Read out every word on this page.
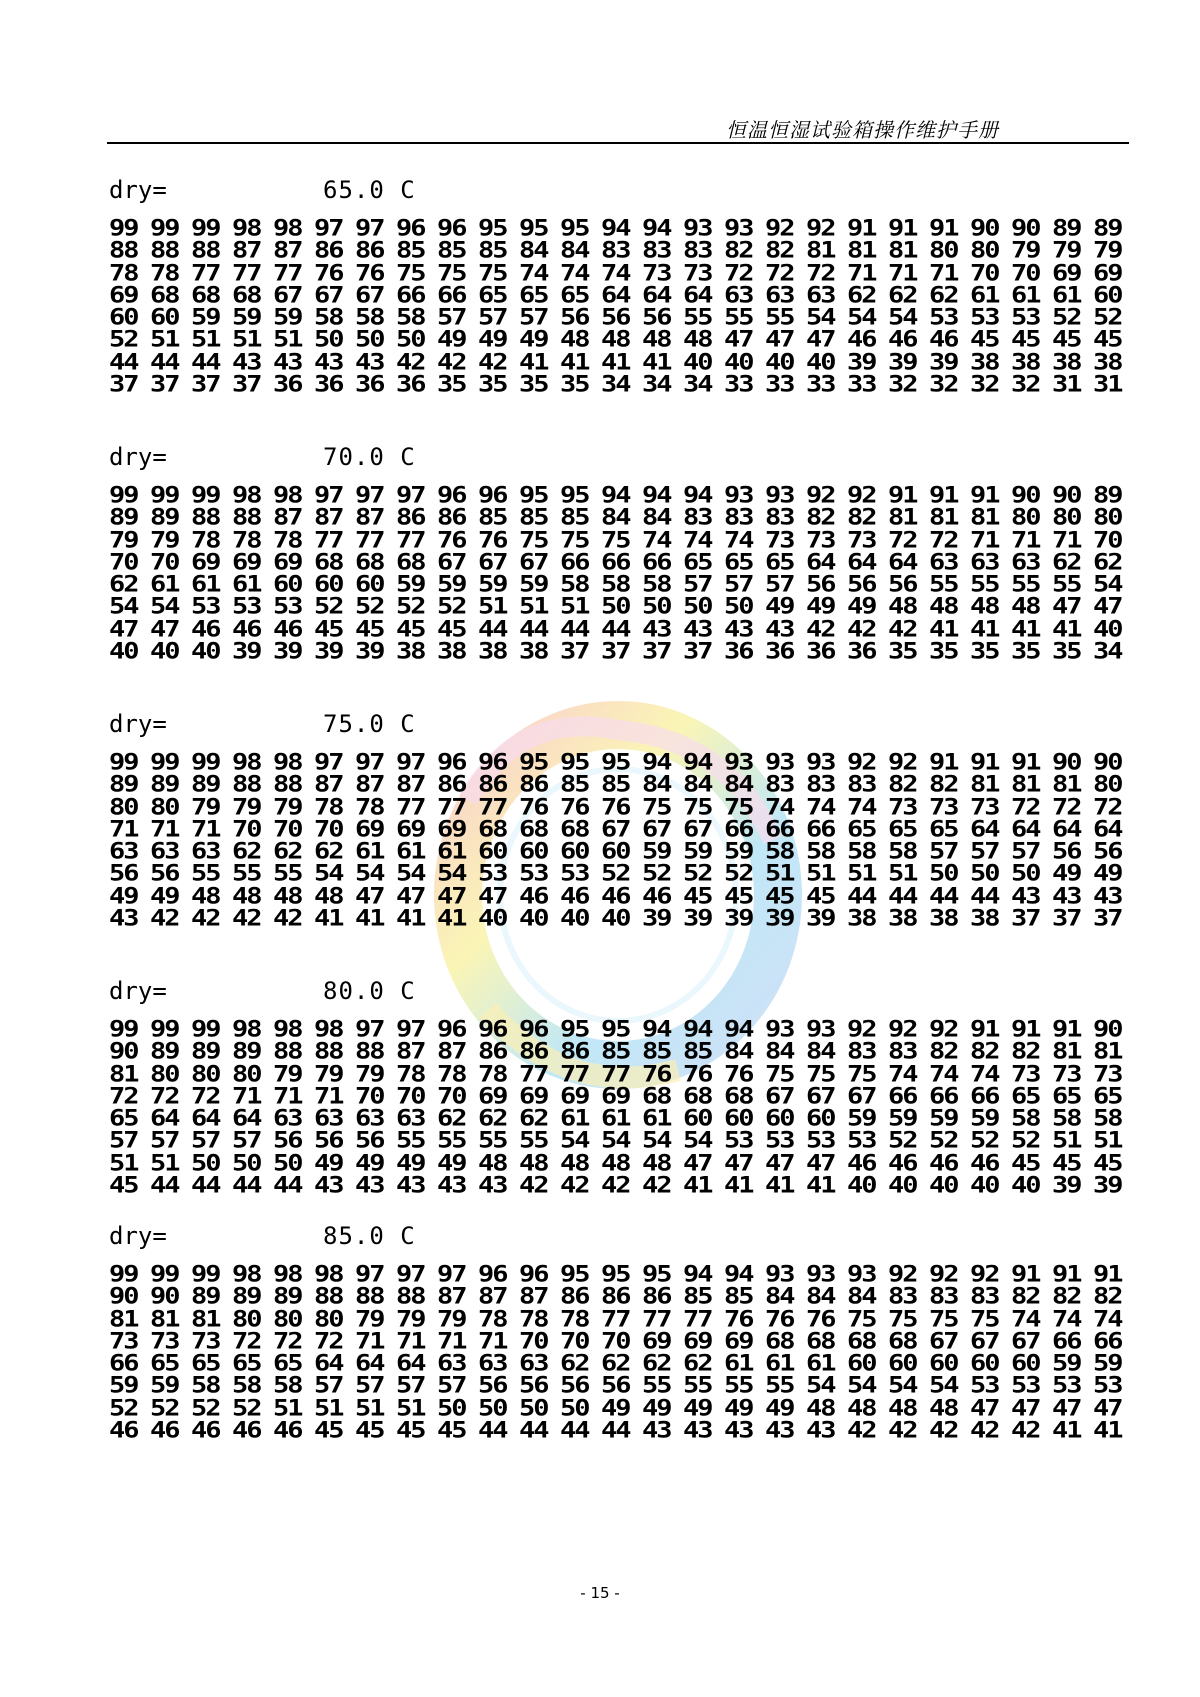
恒温恒湿试验箱操作维护手册
dry=	65.0 C
99 99 99 98 98 97 97 96 96 95 95 95 94 94 93 93 92 92 91 91 91 90 90 89 89
88 88 88 87 87 86 86 85 85 85 84 84 83 83 83 82 82 81 81 81 80 80 79 79 79
78 78 77 77 77 76 76 75 75 75 74 74 74 73 73 72 72 72 71 71 71 70 70 69 69
69 68 68 68 67 67 67 66 66 65 65 65 64 64 64 63 63 63 62 62 62 61 61 61 60
60 60 59 59 59 58 58 58 57 57 57 56 56 56 55 55 55 54 54 54 53 53 53 52 52
52 51 51 51 51 50 50 50 49 49 49 48 48 48 48 47 47 47 46 46 46 45 45 45 45
44 44 44 43 43 43 43 42 42 42 41 41 41 41 40 40 40 40 39 39 39 38 38 38 38
37 37 37 37 36 36 36 36 35 35 35 35 34 34 34 33 33 33 33 32 32 32 32 31 31
dry=	70.0 C
99 99 99 98 98 97 97 97 96 96 95 95 94 94 94 93 93 92 92 91 91 91 90 90 89
89 89 88 88 87 87 87 86 86 85 85 85 84 84 83 83 83 82 82 81 81 81 80 80 80
79 79 78 78 78 77 77 77 76 76 75 75 75 74 74 74 73 73 73 72 72 71 71 71 70
70 70 69 69 69 68 68 68 67 67 67 66 66 66 65 65 65 64 64 64 63 63 63 62 62
62 61 61 61 60 60 60 59 59 59 59 58 58 58 57 57 57 56 56 56 55 55 55 55 54
54 54 53 53 53 52 52 52 52 51 51 51 50 50 50 50 49 49 49 48 48 48 48 47 47
47 47 46 46 46 45 45 45 45 44 44 44 44 43 43 43 43 42 42 42 41 41 41 41 40
40 40 40 39 39 39 39 38 38 38 38 37 37 37 37 36 36 36 36 35 35 35 35 35 34
dry=	75.0 C
99 99 99 98 98 97 97 97 96 96 95 95 95 94 94 93 93 93 92 92 91 91 91 90 90
89 89 89 88 88 87 87 87 86 86 86 85 85 84 84 84 83 83 83 82 82 81 81 81 80
80 80 79 79 79 78 78 77 77 77 76 76 76 75 75 75 74 74 74 73 73 73 72 72 72
71 71 71 70 70 70 69 69 69 68 68 68 67 67 67 66 66 66 65 65 65 64 64 64 64
63 63 63 62 62 62 61 61 61 60 60 60 60 59 59 59 58 58 58 58 57 57 57 56 56
56 56 55 55 55 54 54 54 54 53 53 53 52 52 52 52 51 51 51 51 50 50 50 49 49
49 49 48 48 48 48 47 47 47 47 46 46 46 46 45 45 45 45 44 44 44 44 43 43 43
43 42 42 42 42 41 41 41 41 40 40 40 40 39 39 39 39 39 38 38 38 38 37 37 37
dry=	80.0 C
99 99 99 98 98 98 97 97 96 96 96 95 95 94 94 94 93 93 92 92 92 91 91 91 90
90 89 89 89 88 88 88 87 87 86 86 86 85 85 85 84 84 84 83 83 82 82 82 81 81
81 80 80 80 79 79 79 78 78 78 77 77 77 76 76 76 75 75 75 74 74 74 73 73 73
72 72 72 71 71 71 70 70 70 69 69 69 69 68 68 68 67 67 67 66 66 66 65 65 65
65 64 64 64 63 63 63 63 62 62 62 61 61 61 60 60 60 60 59 59 59 59 58 58 58
57 57 57 57 56 56 56 55 55 55 55 54 54 54 54 53 53 53 53 52 52 52 52 51 51
51 51 50 50 50 49 49 49 49 48 48 48 48 48 47 47 47 47 46 46 46 46 45 45 45
45 44 44 44 44 43 43 43 43 43 42 42 42 42 41 41 41 41 40 40 40 40 40 39 39
dry=	85.0 C
99 99 99 98 98 98 97 97 97 96 96 95 95 95 94 94 93 93 93 92 92 92 91 91 91
90 90 89 89 89 88 88 88 87 87 87 86 86 86 85 85 84 84 84 83 83 83 82 82 82
81 81 81 80 80 80 79 79 79 78 78 78 77 77 77 76 76 76 75 75 75 75 74 74 74
73 73 73 72 72 72 71 71 71 71 70 70 70 69 69 69 68 68 68 68 67 67 67 66 66
66 65 65 65 65 64 64 64 63 63 63 62 62 62 62 61 61 61 60 60 60 60 60 59 59
59 59 58 58 58 57 57 57 57 56 56 56 56 55 55 55 55 54 54 54 54 53 53 53 53
52 52 52 52 51 51 51 51 50 50 50 50 49 49 49 49 49 48 48 48 48 47 47 47 47
46 46 46 46 46 45 45 45 45 44 44 44 44 43 43 43 43 43 42 42 42 42 42 41 41
- 15 -
